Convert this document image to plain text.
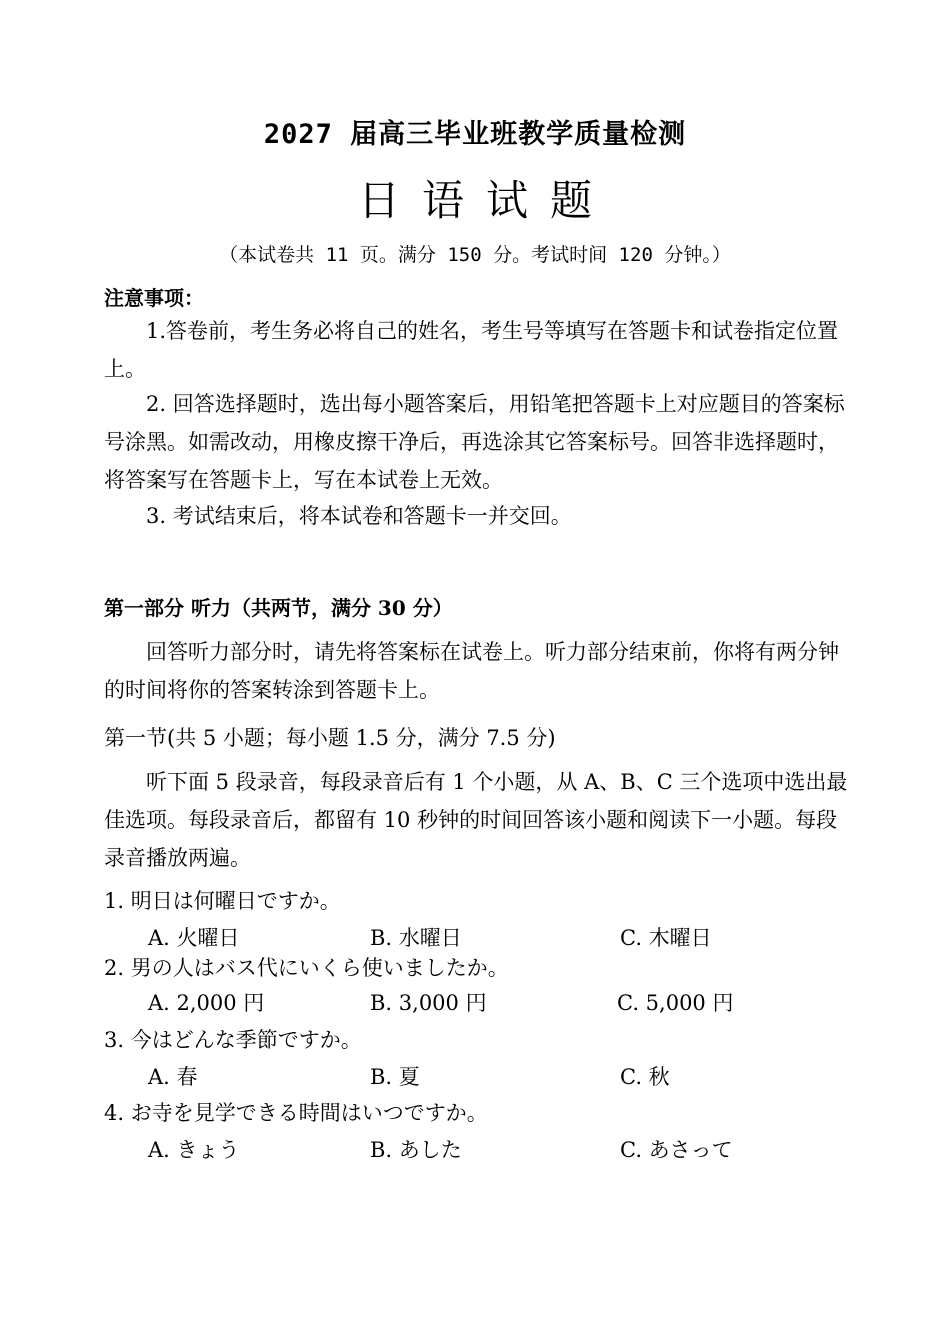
2027 届高三毕业班教学质量检测
日语试题
（本试卷共 11 页。满分 150 分。考试时间 120 分钟。）
注意事项：
1.答卷前，考生务必将自己的姓名，考生号等填写在答题卡和试卷指定位置上。
2. 回答选择题时，选出每小题答案后，用铅笔把答题卡上对应题目的答案标号涂黑。如需改动，用橡皮擦干净后，再选涂其它答案标号。回答非选择题时，将答案写在答题卡上，写在本试卷上无效。
3. 考试结束后，将本试卷和答题卡一并交回。
第一部分 听力（共两节，满分 30 分）
回答听力部分时，请先将答案标在试卷上。听力部分结束前，你将有两分钟的时间将你的答案转涂到答题卡上。
第一节(共 5 小题；每小题 1.5 分，满分 7.5 分)
听下面 5 段录音，每段录音后有 1 个小题，从 A、B、C 三个选项中选出最佳选项。每段录音后，都留有 10 秒钟的时间回答该小题和阅读下一小题。每段录音播放两遍。
1. 明日は何曜日ですか。
A. 火曜日	B. 水曜日	C. 木曜日
2. 男の人はバス代にいくら使いましたか。
A. 2,000 円	B. 3,000 円	C. 5,000 円
3. 今はどんな季節ですか。
A. 春	B. 夏	C. 秋
4. お寺を見学できる時間はいつですか。
A. きょう	B. あした	C. あさって
